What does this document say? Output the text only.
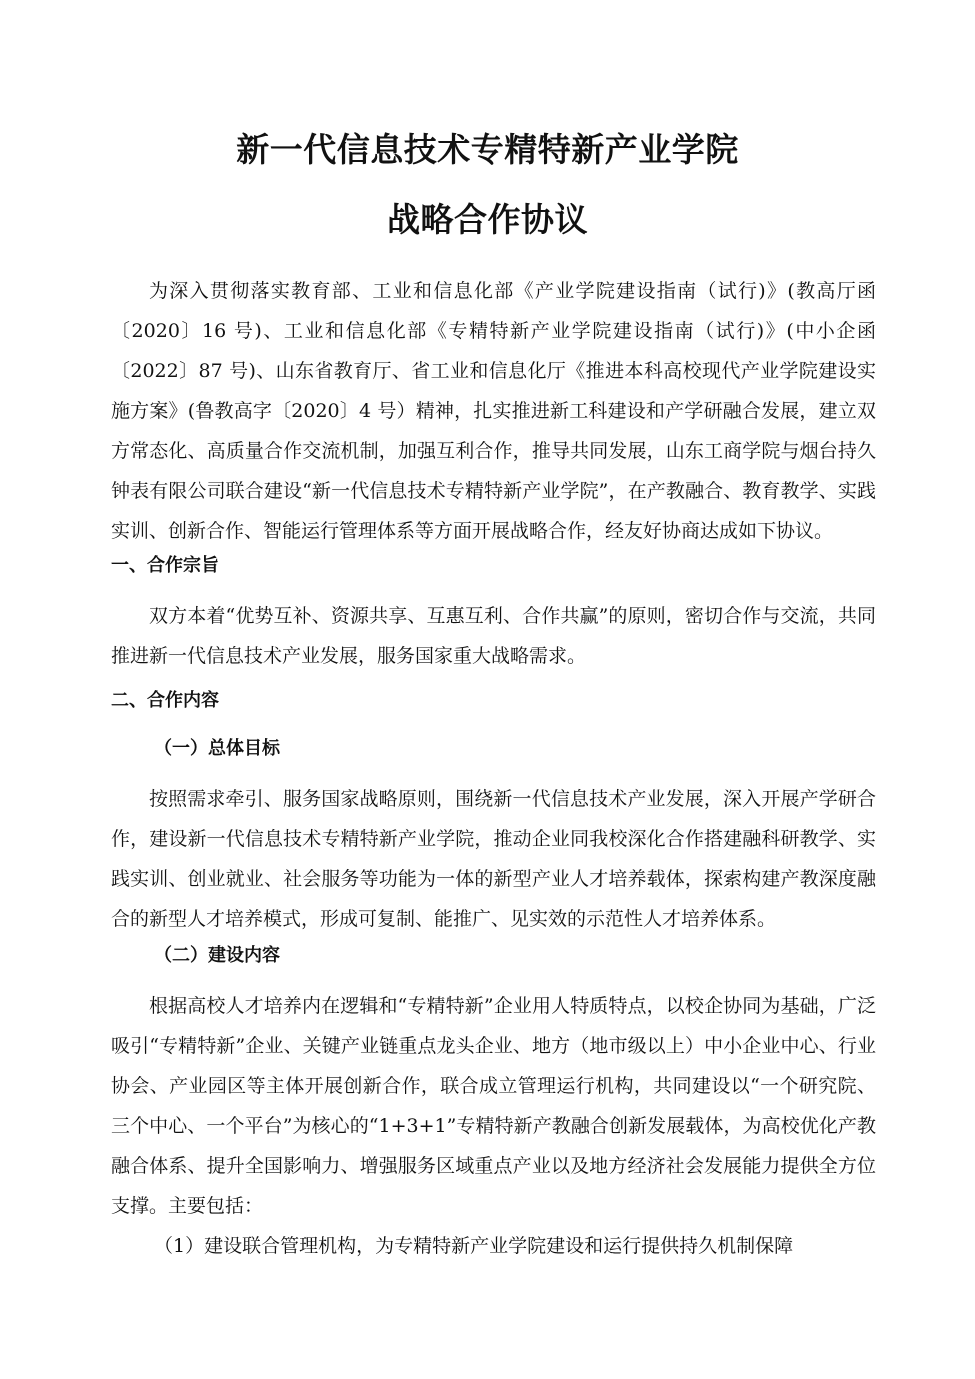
新一代信息技术专精特新产业学院
战略合作协议

为深入贯彻落实教育部、工业和信息化部《产业学院建设指南（试行)》(教高厅函〔2020〕16 号)、工业和信息化部《专精特新产业学院建设指南（试行)》(中小企函〔2022〕87 号)、山东省教育厅、省工业和信息化厅《推进本科高校现代产业学院建设实施方案》(鲁教高字〔2020〕4 号）精神，扎实推进新工科建设和产学研融合发展，建立双方常态化、高质量合作交流机制，加强互利合作，推导共同发展，山东工商学院与烟台持久钟表有限公司联合建设“新一代信息技术专精特新产业学院”，在产教融合、教育教学、实践实训、创新合作、智能运行管理体系等方面开展战略合作，经友好协商达成如下协议。

一、合作宗旨

双方本着“优势互补、资源共享、互惠互利、合作共赢”的原则，密切合作与交流，共同推进新一代信息技术产业发展，服务国家重大战略需求。

二、合作内容
（一）总体目标

按照需求牵引、服务国家战略原则，围绕新一代信息技术产业发展，深入开展产学研合作，建设新一代信息技术专精特新产业学院，推动企业同我校深化合作搭建融科研教学、实践实训、创业就业、社会服务等功能为一体的新型产业人才培养载体，探索构建产教深度融合的新型人才培养模式，形成可复制、能推广、见实效的示范性人才培养体系。

（二）建设内容

根据高校人才培养内在逻辑和“专精特新”企业用人特质特点，以校企协同为基础，广泛吸引“专精特新”企业、关键产业链重点龙头企业、地方（地市级以上）中小企业中心、行业协会、产业园区等主体开展创新合作，联合成立管理运行机构，共同建设以“一个研究院、三个中心、一个平台”为核心的“1+3+1”专精特新产教融合创新发展载体，为高校优化产教融合体系、提升全国影响力、增强服务区域重点产业以及地方经济社会发展能力提供全方位支撑。主要包括：

（1）建设联合管理机构，为专精特新产业学院建设和运行提供持久机制保障
